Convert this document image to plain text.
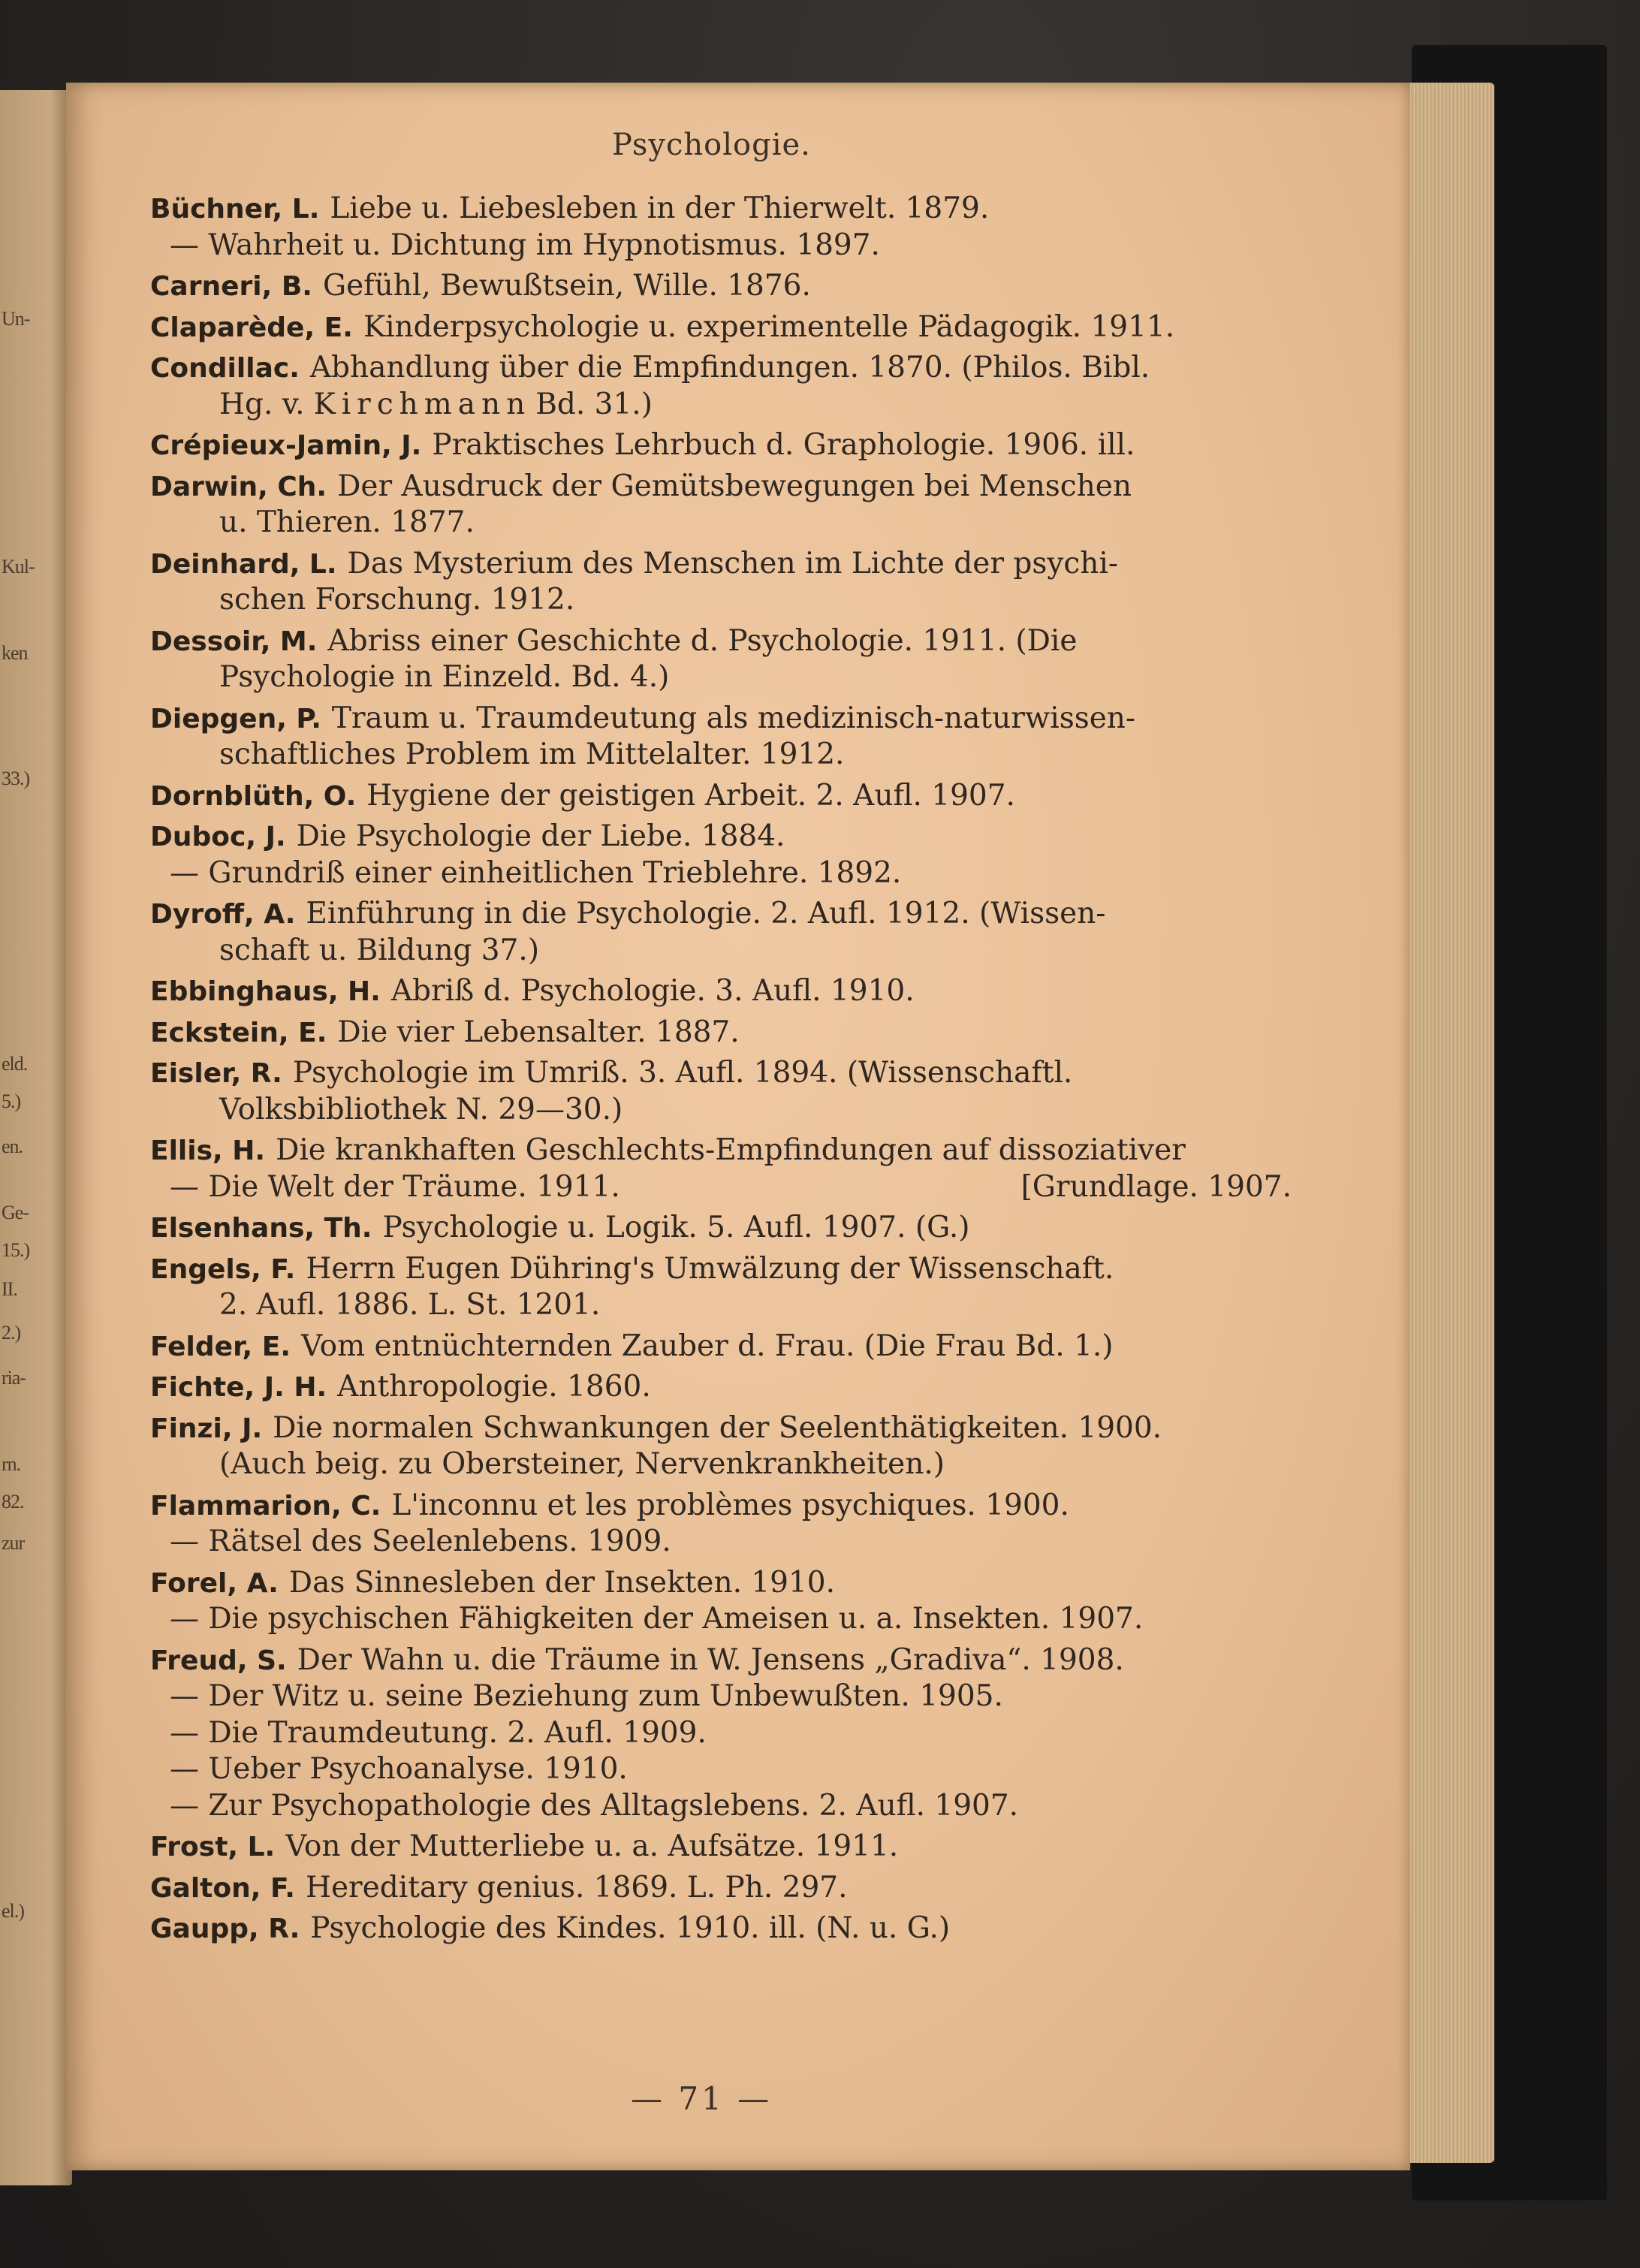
Un-
Kul-
ken
33.)
eld.
5.)
en.
Ge-
15.)
II.
2.)
ria-
rn.
82.
zur
el.)
Psychologie.
Büchner, L. Liebe u. Liebesleben in der Thierwelt. 1879.
— Wahrheit u. Dichtung im Hypnotismus. 1897.
Carneri, B. Gefühl, Bewußtsein, Wille. 1876.
Claparède, E. Kinderpsychologie u. experimentelle Pädagogik. 1911.
Condillac. Abhandlung über die Empfindungen. 1870. (Philos. Bibl.
Hg. v. Kirchmann Bd. 31.)
Crépieux-Jamin, J. Praktisches Lehrbuch d. Graphologie. 1906. ill.
Darwin, Ch. Der Ausdruck der Gemütsbewegungen bei Menschen
u. Thieren. 1877.
Deinhard, L. Das Mysterium des Menschen im Lichte der psychi-
schen Forschung. 1912.
Dessoir, M. Abriss einer Geschichte d. Psychologie. 1911. (Die
Psychologie in Einzeld. Bd. 4.)
Diepgen, P. Traum u. Traumdeutung als medizinisch-naturwissen-
schaftliches Problem im Mittelalter. 1912.
Dornblüth, O. Hygiene der geistigen Arbeit. 2. Aufl. 1907.
Duboc, J. Die Psychologie der Liebe. 1884.
— Grundriß einer einheitlichen Trieblehre. 1892.
Dyroff, A. Einführung in die Psychologie. 2. Aufl. 1912. (Wissen-
schaft u. Bildung 37.)
Ebbinghaus, H. Abriß d. Psychologie. 3. Aufl. 1910.
Eckstein, E. Die vier Lebensalter. 1887.
Eisler, R. Psychologie im Umriß. 3. Aufl. 1894. (Wissenschaftl.
Volksbibliothek N. 29—30.)
Ellis, H. Die krankhaften Geschlechts-Empfindungen auf dissoziativer
— Die Welt der Träume. 1911.	[Grundlage. 1907.
Elsenhans, Th. Psychologie u. Logik. 5. Aufl. 1907. (G.)
Engels, F. Herrn Eugen Dühring's Umwälzung der Wissenschaft.
2. Aufl. 1886. L. St. 1201.
Felder, E. Vom entnüchternden Zauber d. Frau. (Die Frau Bd. 1.)
Fichte, J. H. Anthropologie. 1860.
Finzi, J. Die normalen Schwankungen der Seelenthätigkeiten. 1900.
(Auch beig. zu Obersteiner, Nervenkrankheiten.)
Flammarion, C. L'inconnu et les problèmes psychiques. 1900.
— Rätsel des Seelenlebens. 1909.
Forel, A. Das Sinnesleben der Insekten. 1910.
— Die psychischen Fähigkeiten der Ameisen u. a. Insekten. 1907.
Freud, S. Der Wahn u. die Träume in W. Jensens „Gradiva“. 1908.
— Der Witz u. seine Beziehung zum Unbewußten. 1905.
— Die Traumdeutung. 2. Aufl. 1909.
— Ueber Psychoanalyse. 1910.
— Zur Psychopathologie des Alltagslebens. 2. Aufl. 1907.
Frost, L. Von der Mutterliebe u. a. Aufsätze. 1911.
Galton, F. Hereditary genius. 1869. L. Ph. 297.
Gaupp, R. Psychologie des Kindes. 1910. ill. (N. u. G.)
— 71 —
